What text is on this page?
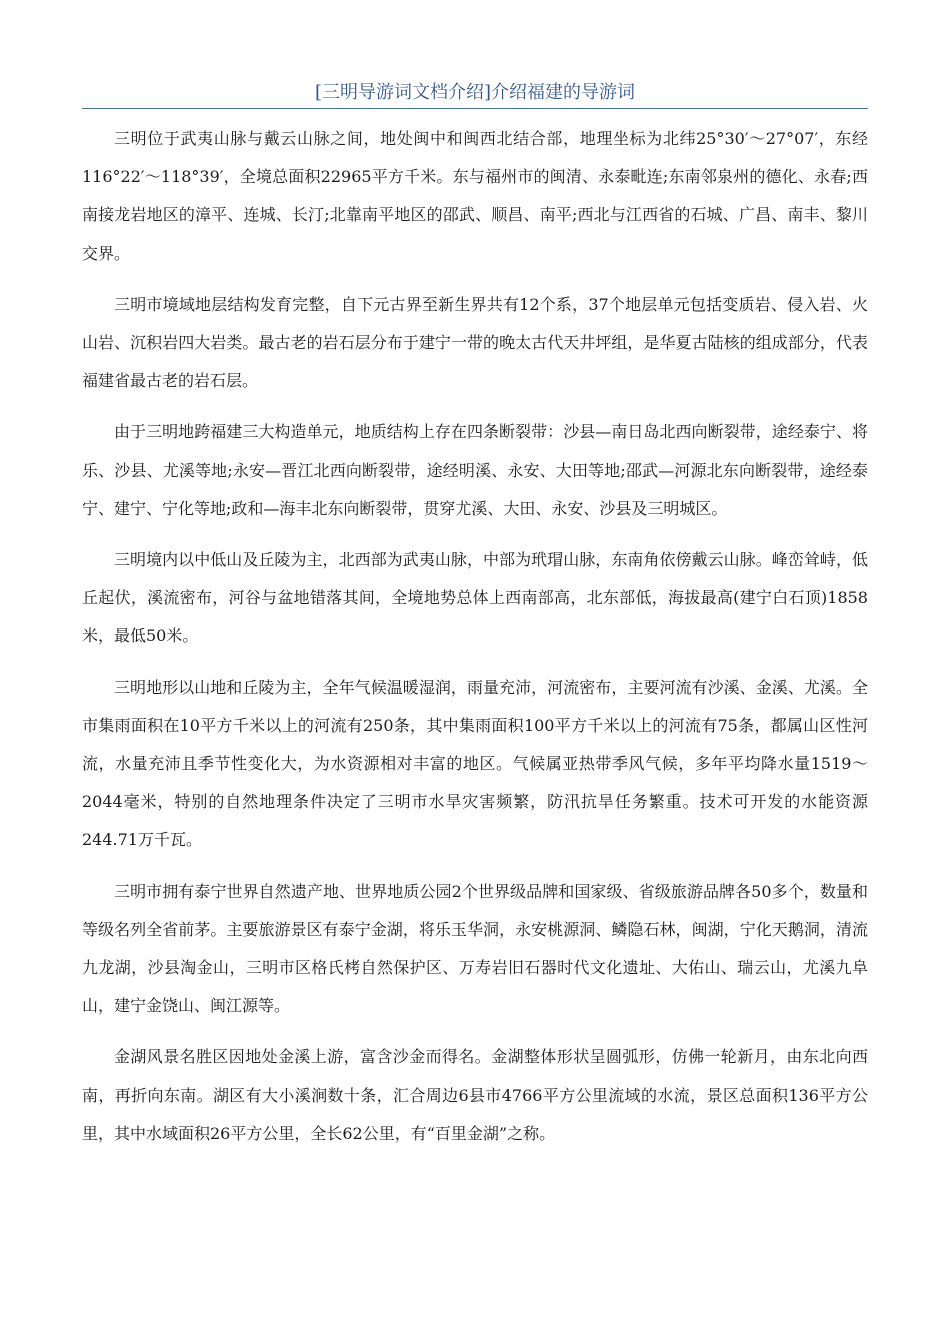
[三明导游词文档介绍]介绍福建的导游词

三明位于武夷山脉与戴云山脉之间，地处闽中和闽西北结合部，地理坐标为北纬25°30′～27°07′，东经116°22′～118°39′，全境总面积22965平方千米。东与福州市的闽清、永泰毗连;东南邻泉州的德化、永春;西南接龙岩地区的漳平、连城、长汀;北靠南平地区的邵武、顺昌、南平;西北与江西省的石城、广昌、南丰、黎川交界。

三明市境域地层结构发育完整，自下元古界至新生界共有12个系，37个地层单元包括变质岩、侵入岩、火山岩、沉积岩四大岩类。最古老的岩石层分布于建宁一带的晚太古代天井坪组，是华夏古陆核的组成部分，代表福建省最古老的岩石层。

由于三明地跨福建三大构造单元，地质结构上存在四条断裂带：沙县—南日岛北西向断裂带，途经泰宁、将乐、沙县、尤溪等地;永安—晋江北西向断裂带，途经明溪、永安、大田等地;邵武—河源北东向断裂带，途经泰宁、建宁、宁化等地;政和—海丰北东向断裂带，贯穿尤溪、大田、永安、沙县及三明城区。

三明境内以中低山及丘陵为主，北西部为武夷山脉，中部为玳瑁山脉，东南角依傍戴云山脉。峰峦耸峙，低丘起伏，溪流密布，河谷与盆地错落其间，全境地势总体上西南部高，北东部低，海拔最高(建宁白石顶)1858米，最低50米。

三明地形以山地和丘陵为主，全年气候温暖湿润，雨量充沛，河流密布，主要河流有沙溪、金溪、尤溪。全市集雨面积在10平方千米以上的河流有250条，其中集雨面积100平方千米以上的河流有75条，都属山区性河流，水量充沛且季节性变化大，为水资源相对丰富的地区。气候属亚热带季风气候，多年平均降水量1519～2044毫米，特别的自然地理条件决定了三明市水旱灾害频繁，防汛抗旱任务繁重。技术可开发的水能资源244.71万千瓦。

三明市拥有泰宁世界自然遗产地、世界地质公园2个世界级品牌和国家级、省级旅游品牌各50多个，数量和等级名列全省前茅。主要旅游景区有泰宁金湖，将乐玉华洞，永安桃源洞、鳞隐石林，闽湖，宁化天鹅洞，清流九龙湖，沙县淘金山，三明市区格氏栲自然保护区、万寿岩旧石器时代文化遗址、大佑山、瑞云山，尤溪九阜山，建宁金饶山、闽江源等。

金湖风景名胜区因地处金溪上游，富含沙金而得名。金湖整体形状呈圆弧形，仿佛一轮新月，由东北向西南，再折向东南。湖区有大小溪涧数十条，汇合周边6县市4766平方公里流域的水流，景区总面积136平方公里，其中水域面积26平方公里，全长62公里，有“百里金湖”之称。
